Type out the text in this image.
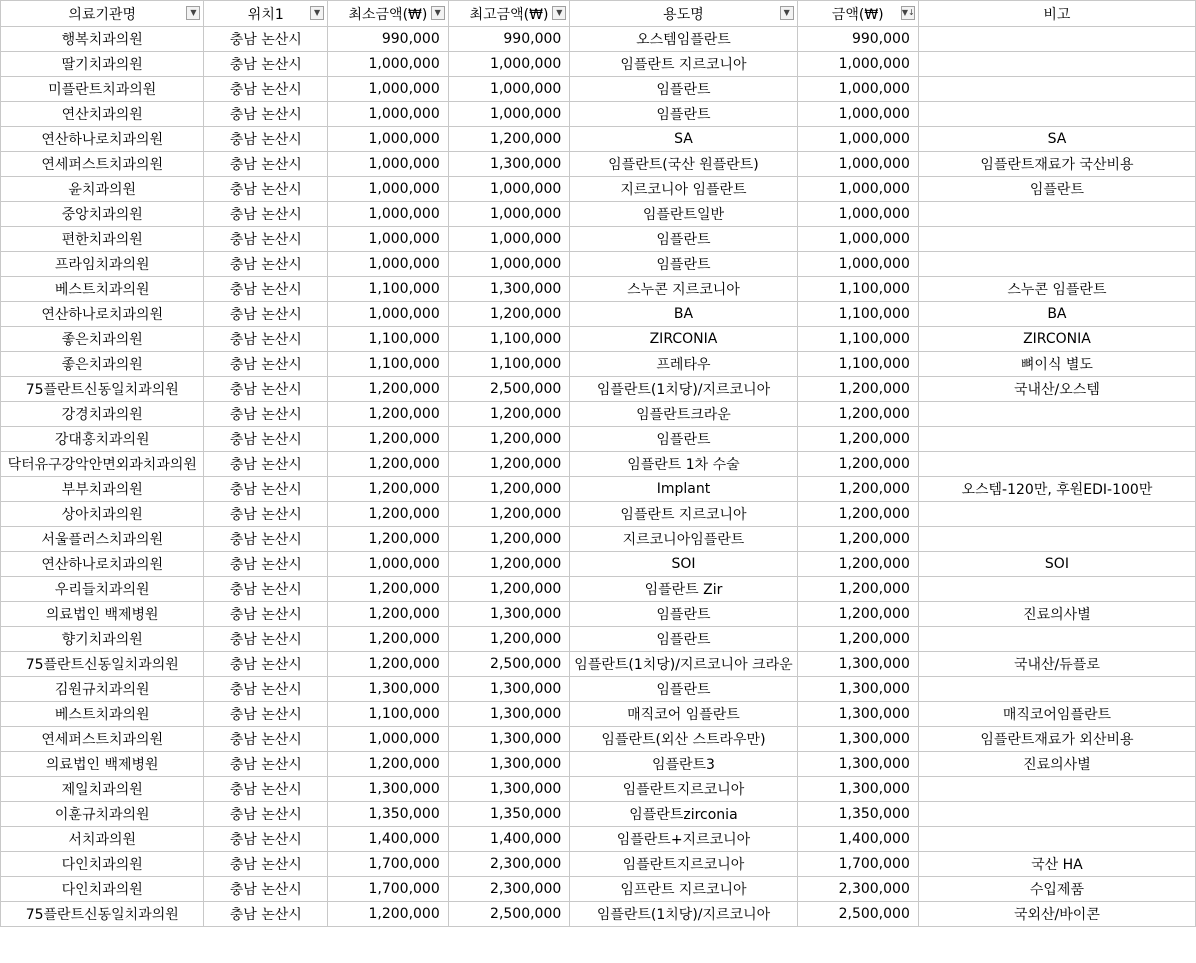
의료기관명 ▼	위치1 ▼	최소금액(₩) ▼	최고금액(₩) ▼	용도명 ▼	금액(₩) ▼↓	비고
행복치과의원	충남 논산시	990,000	990,000	오스템임플란트	990,000	
딸기치과의원	충남 논산시	1,000,000	1,000,000	임플란트 지르코니아	1,000,000	
미플란트치과의원	충남 논산시	1,000,000	1,000,000	임플란트	1,000,000	
연산치과의원	충남 논산시	1,000,000	1,000,000	임플란트	1,000,000	
연산하나로치과의원	충남 논산시	1,000,000	1,200,000	SA	1,000,000	SA
연세퍼스트치과의원	충남 논산시	1,000,000	1,300,000	임플란트(국산 원플란트)	1,000,000	임플란트재료가 국산비용
윤치과의원	충남 논산시	1,000,000	1,000,000	지르코니아 임플란트	1,000,000	임플란트
중앙치과의원	충남 논산시	1,000,000	1,000,000	임플란트일반	1,000,000	
편한치과의원	충남 논산시	1,000,000	1,000,000	임플란트	1,000,000	
프라임치과의원	충남 논산시	1,000,000	1,000,000	임플란트	1,000,000	
베스트치과의원	충남 논산시	1,100,000	1,300,000	스누콘 지르코니아	1,100,000	스누콘 임플란트
연산하나로치과의원	충남 논산시	1,000,000	1,200,000	BA	1,100,000	BA
좋은치과의원	충남 논산시	1,100,000	1,100,000	ZIRCONIA	1,100,000	ZIRCONIA
좋은치과의원	충남 논산시	1,100,000	1,100,000	프레타우	1,100,000	뼈이식 별도
75플란트신동일치과의원	충남 논산시	1,200,000	2,500,000	임플란트(1치당)/지르코니아	1,200,000	국내산/오스템
강경치과의원	충남 논산시	1,200,000	1,200,000	임플란트크라운	1,200,000	
강대홍치과의원	충남 논산시	1,200,000	1,200,000	임플란트	1,200,000	
닥터유구강악안면외과치과의원	충남 논산시	1,200,000	1,200,000	임플란트 1차 수술	1,200,000	
부부치과의원	충남 논산시	1,200,000	1,200,000	Implant	1,200,000	오스템-120만, 후원EDI-100만
상아치과의원	충남 논산시	1,200,000	1,200,000	임플란트 지르코니아	1,200,000	
서울플러스치과의원	충남 논산시	1,200,000	1,200,000	지르코니아임플란트	1,200,000	
연산하나로치과의원	충남 논산시	1,000,000	1,200,000	SOI	1,200,000	SOI
우리들치과의원	충남 논산시	1,200,000	1,200,000	임플란트 Zir	1,200,000	
의료법인 백제병원	충남 논산시	1,200,000	1,300,000	임플란트	1,200,000	진료의사별
향기치과의원	충남 논산시	1,200,000	1,200,000	임플란트	1,200,000	
75플란트신동일치과의원	충남 논산시	1,200,000	2,500,000	임플란트(1치당)/지르코니아 크라운	1,300,000	국내산/듀플로
김원규치과의원	충남 논산시	1,300,000	1,300,000	임플란트	1,300,000	
베스트치과의원	충남 논산시	1,100,000	1,300,000	매직코어 임플란트	1,300,000	매직코어임플란트
연세퍼스트치과의원	충남 논산시	1,000,000	1,300,000	임플란트(외산 스트라우만)	1,300,000	임플란트재료가 외산비용
의료법인 백제병원	충남 논산시	1,200,000	1,300,000	임플란트3	1,300,000	진료의사별
제일치과의원	충남 논산시	1,300,000	1,300,000	임플란트지르코니아	1,300,000	
이훈규치과의원	충남 논산시	1,350,000	1,350,000	임플란트zirconia	1,350,000	
서치과의원	충남 논산시	1,400,000	1,400,000	임플란트+지르코니아	1,400,000	
다인치과의원	충남 논산시	1,700,000	2,300,000	임플란트지르코니아	1,700,000	국산 HA
다인치과의원	충남 논산시	1,700,000	2,300,000	임프란트 지르코니아	2,300,000	수입제품
75플란트신동일치과의원	충남 논산시	1,200,000	2,500,000	임플란트(1치당)/지르코니아	2,500,000	국외산/바이콘
